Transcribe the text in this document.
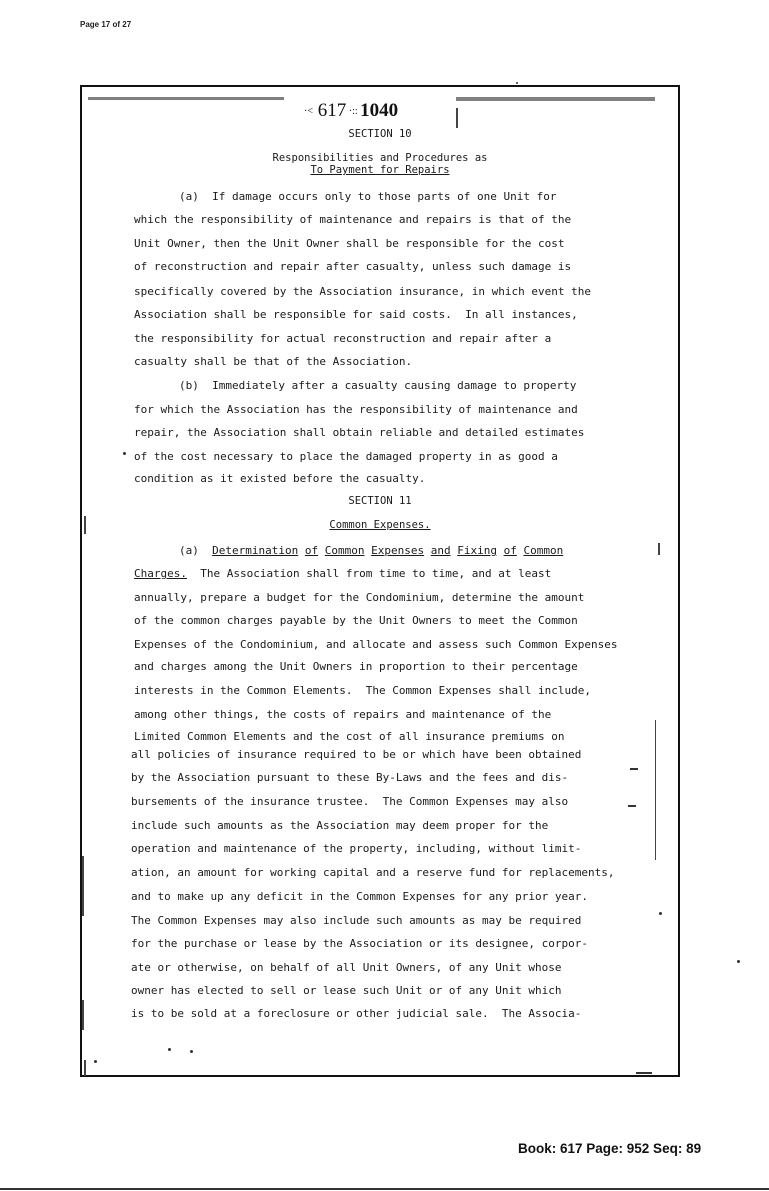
Page 17 of 27
·< 617 ·:: 1040
SECTION 10
Responsibilities and Procedures as
To Payment for Repairs
(a)  If damage occurs only to those parts of one Unit for
which the responsibility of maintenance and repairs is that of the
Unit Owner, then the Unit Owner shall be responsible for the cost
of reconstruction and repair after casualty, unless such damage is
specifically covered by the Association insurance, in which event the
Association shall be responsible for said costs.  In all instances,
the responsibility for actual reconstruction and repair after a
casualty shall be that of the Association.
(b)  Immediately after a casualty causing damage to property
for which the Association has the responsibility of maintenance and
repair, the Association shall obtain reliable and detailed estimates
of the cost necessary to place the damaged property in as good a
condition as it existed before the casualty.
SECTION 11
Common Expenses.
(a)  Determination of Common Expenses and Fixing of Common
Charges.  The Association shall from time to time, and at least
annually, prepare a budget for the Condominium, determine the amount
of the common charges payable by the Unit Owners to meet the Common
Expenses of the Condominium, and allocate and assess such Common Expenses
and charges among the Unit Owners in proportion to their percentage
interests in the Common Elements.  The Common Expenses shall include,
among other things, the costs of repairs and maintenance of the
Limited Common Elements and the cost of all insurance premiums on
all policies of insurance required to be or which have been obtained
by the Association pursuant to these By-Laws and the fees and dis-
bursements of the insurance trustee.  The Common Expenses may also
include such amounts as the Association may deem proper for the
operation and maintenance of the property, including, without limit-
ation, an amount for working capital and a reserve fund for replacements,
and to make up any deficit in the Common Expenses for any prior year.
The Common Expenses may also include such amounts as may be required
for the purchase or lease by the Association or its designee, corpor-
ate or otherwise, on behalf of all Unit Owners, of any Unit whose
owner has elected to sell or lease such Unit or of any Unit which
is to be sold at a foreclosure or other judicial sale.  The Associa-
Book: 617 Page: 952 Seq: 89
